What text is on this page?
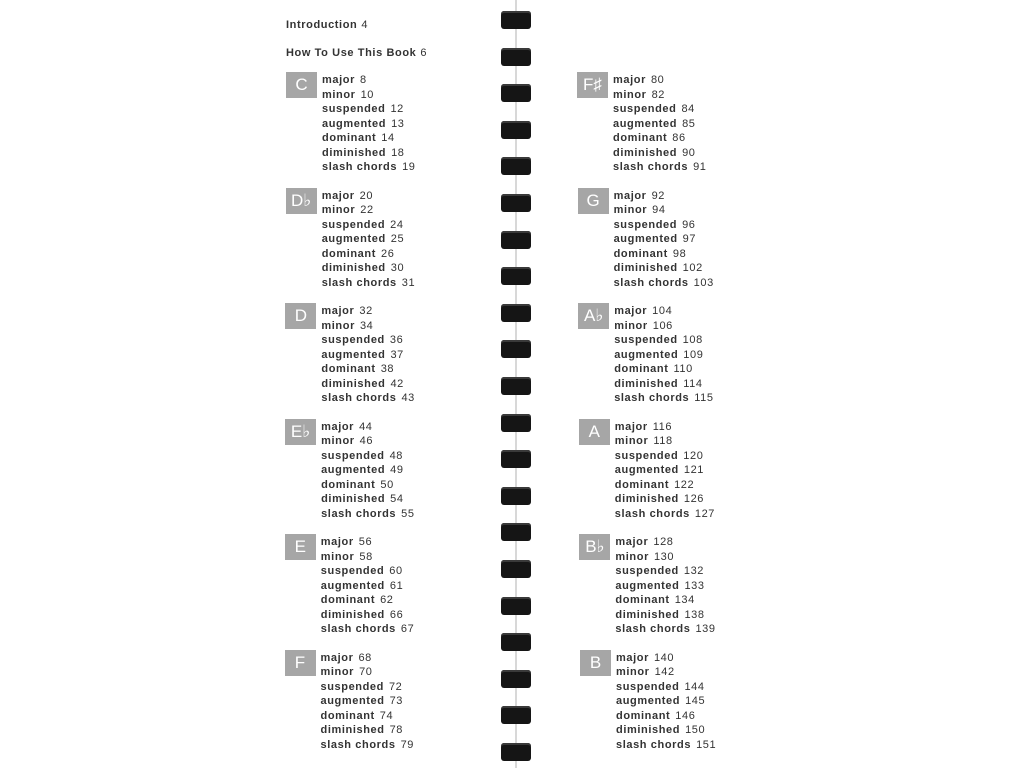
Introduction 4
How To Use This Book 6
C	major 8
minor 10
suspended 12
augmented 13
dominant 14
diminished 18
slash chords 19
D♭ major 20
minor 22
suspended 24
augmented 25
dominant 26
diminished 30
slash chords 31
D	major 32
minor 34
suspended 36
augmented 37
dominant 38
diminished 42
slash chords 43
E♭ major 44
minor 46
suspended 48
augmented 49
dominant 50
diminished 54
slash chords 55
E	major 56
minor 58
suspended 60
augmented 61
dominant 62
diminished 66
slash chords 67
F	major 68
minor 70
suspended 72
augmented 73
dominant 74
diminished 78
slash chords 79
F♯	major 80
minor 82
suspended 84
augmented 85
dominant 86
diminished 90
slash chords 91
G	major 92
minor 94
suspended 96
augmented 97
dominant 98
diminished 102
slash chords 103
A♭ major 104
minor 106
suspended 108
augmented 109
dominant 110
diminished 114
slash chords 115
A	major 116
minor 118
suspended 120
augmented 121
dominant 122
diminished 126
slash chords 127
B♭ major 128
minor 130
suspended 132
augmented 133
dominant 134
diminished 138
slash chords 139
B	major 140
minor 142
suspended 144
augmented 145
dominant 146
diminished 150
slash chords 151
